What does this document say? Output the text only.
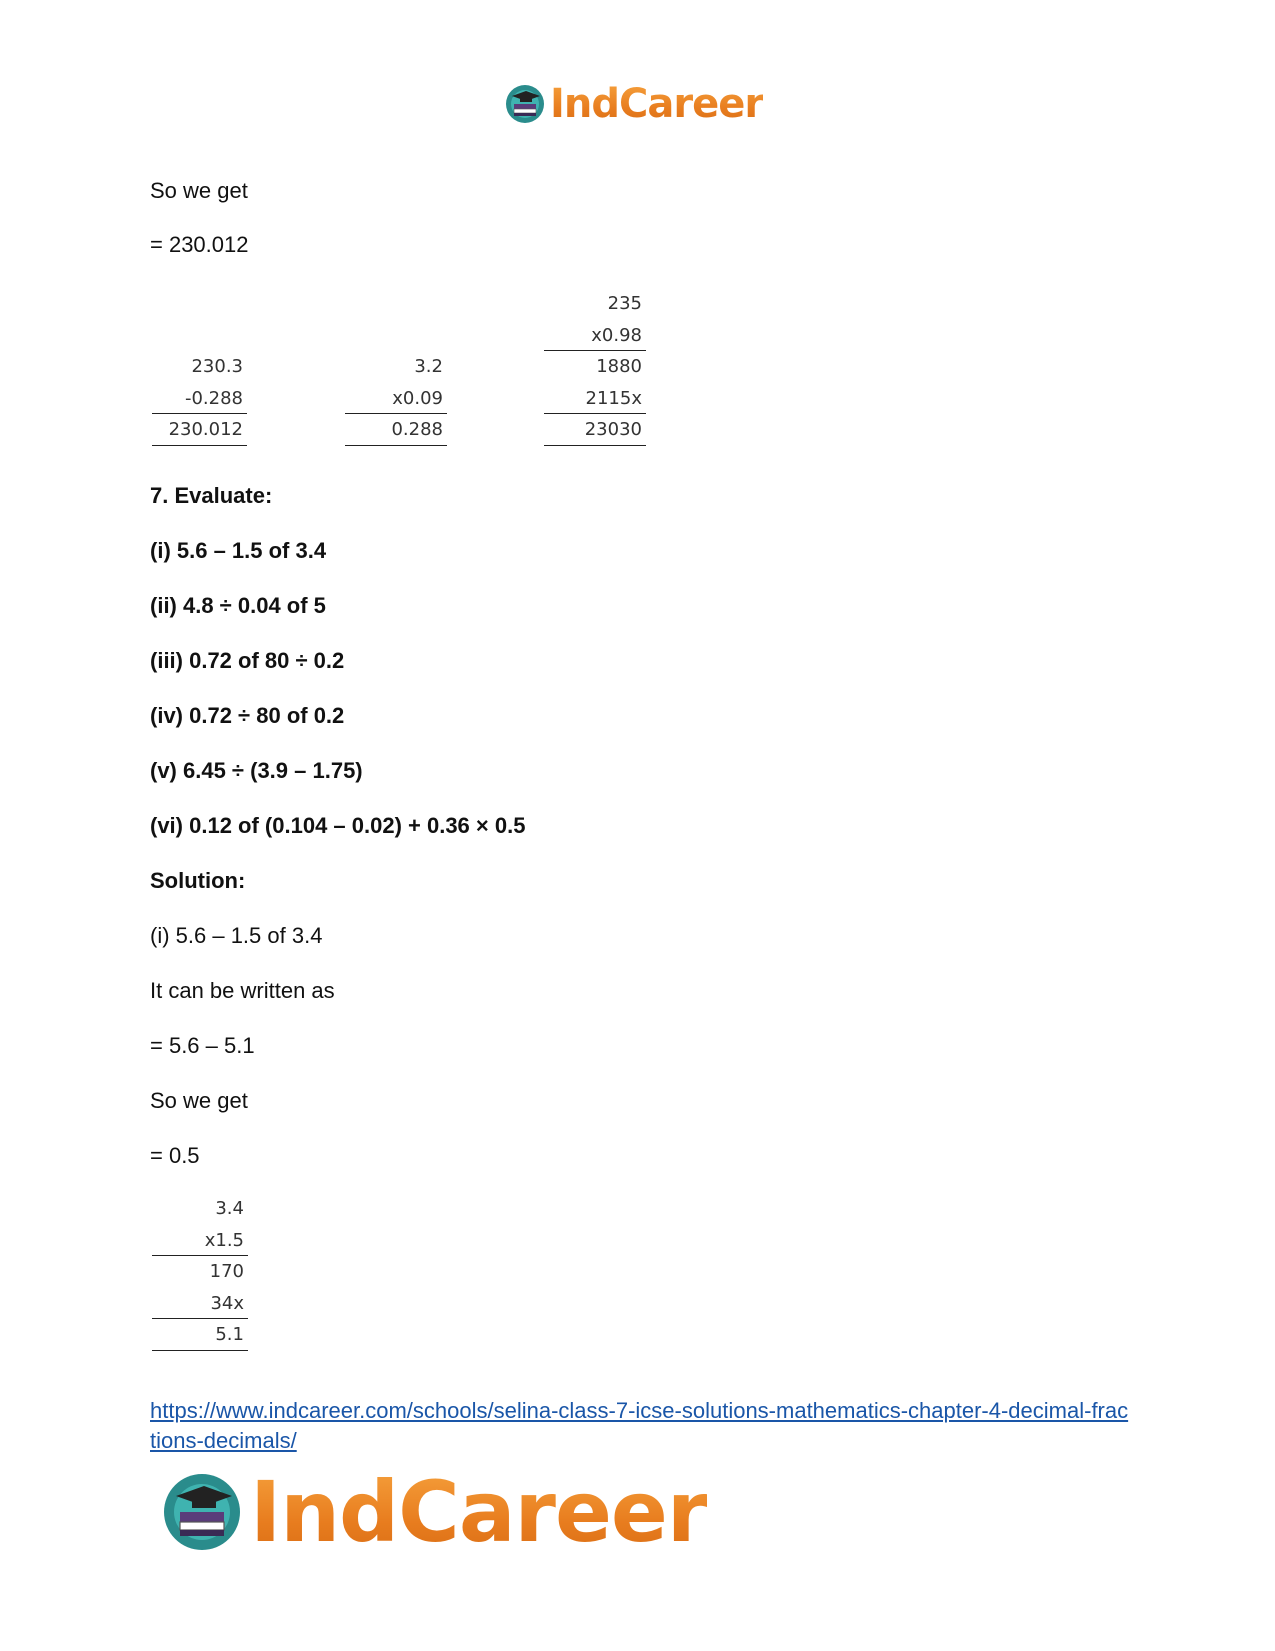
IndCareer
So we get
= 230.012
230.3
-0.288
230.012
3.2
x0.09
0.288
235
x0.98
1880
2115x
23030
7. Evaluate:
(i) 5.6 – 1.5 of 3.4
(ii) 4.8 ÷ 0.04 of 5
(iii) 0.72 of 80 ÷ 0.2
(iv) 0.72 ÷ 80 of 0.2
(v) 6.45 ÷ (3.9 – 1.75)
(vi) 0.12 of (0.104 – 0.02) + 0.36 × 0.5
Solution:
(i) 5.6 – 1.5 of 3.4
It can be written as
= 5.6 – 5.1
So we get
= 0.5
3.4
x1.5
170
34x
5.1
https://www.indcareer.com/schools/selina-class-7-icse-solutions-mathematics-chapter-4-decimal-fractions-decimals/
IndCareer
